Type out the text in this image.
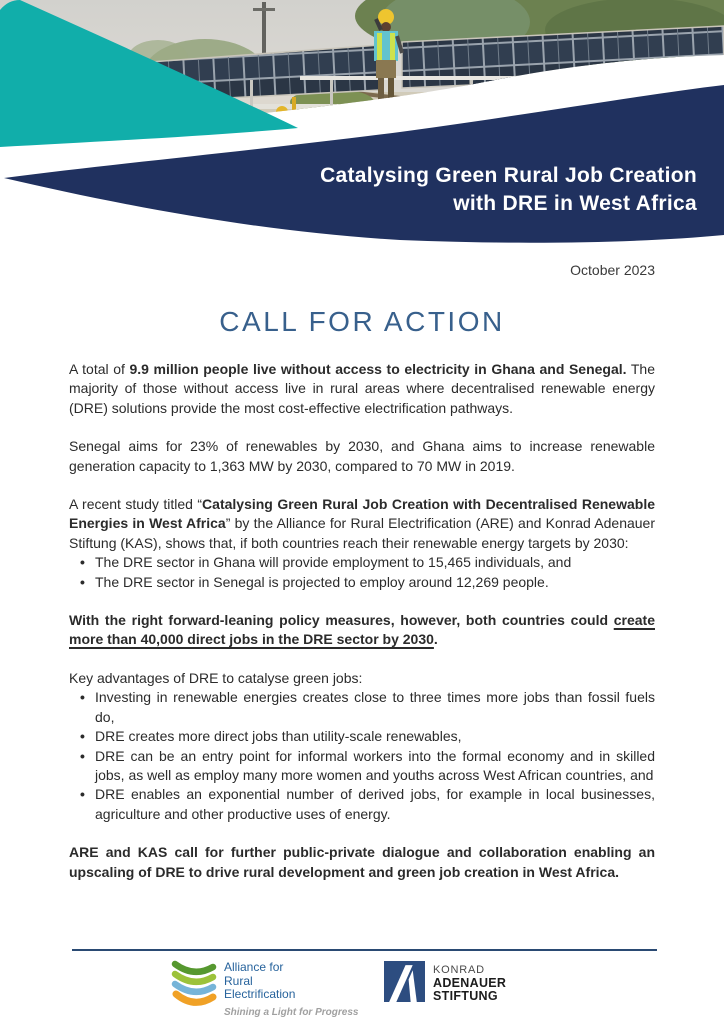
Catalysing Green Rural Job Creation
with DRE in West Africa
October 2023
CALL FOR ACTION

A total of 9.9 million people live without access to electricity in Ghana and Senegal. The majority of those without access live in rural areas where decentralised renewable energy (DRE) solutions provide the most cost-effective electrification pathways.

Senegal aims for 23% of renewables by 2030, and Ghana aims to increase renewable generation capacity to 1,363 MW by 2030, compared to 70 MW in 2019.

A recent study titled “Catalysing Green Rural Job Creation with Decentralised Renewable Energies in West Africa” by the Alliance for Rural Electrification (ARE) and Konrad Adenauer Stiftung (KAS), shows that, if both countries reach their renewable energy targets by 2030:

• The DRE sector in Ghana will provide employment to 15,465 individuals, and
• The DRE sector in Senegal is projected to employ around 12,269 people.

With the right forward-leaning policy measures, however, both countries could create more than 40,000 direct jobs in the DRE sector by 2030.

Key advantages of DRE to catalyse green jobs:

• Investing in renewable energies creates close to three times more jobs than fossil fuels do,
• DRE creates more direct jobs than utility-scale renewables,
• DRE can be an entry point for informal workers into the formal economy and in skilled jobs, as well as employ many more women and youths across West African countries, and
• DRE enables an exponential number of derived jobs, for example in local businesses, agriculture and other productive uses of energy.

ARE and KAS call for further public-private dialogue and collaboration enabling an upscaling of DRE to drive rural development and green job creation in West Africa.

Alliance for
Rural
Electrification
Shining a Light for Progress
KONRAD
ADENAUER
STIFTUNG
